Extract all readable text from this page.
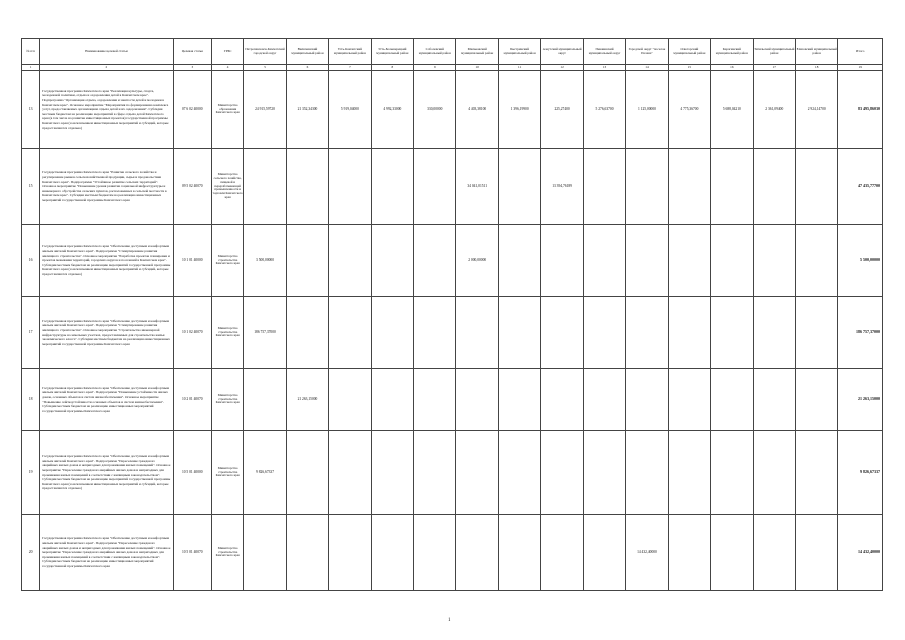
№ п/п	Наименование целевой статьи	Целевая статья	ГРБС	Петропавловск-Камчатский городской округ	Вилючинский муниципальный район	Усть-Камчатский муниципальный район	Усть-Большерецкий муниципальный район	Соболевский муниципальный район	Мильковский муниципальный район	Быстринский муниципальный район	Алеутский муниципальный округ	Пенжинский муниципальный округ	Городской округ "поселок Палана"	Олюторский муниципальный район	Карагинский муниципальный район	Тигильский муниципальный район	Елизовский муниципальный район	Итого
1	2	3	4	5	6	7	8	9	10	11	12	13	14	15	16	17	18	19
13	Государственная программа Камчатского края "Реализация культуры, спорта, молодежной политики, отдыха и оздоровления детей в Камчатском крае". Подпрограмма "Организация отдыха, оздоровления и занятости детей и молодежи в Камчатском крае". Основное мероприятие "Мероприятия по формированию комплекса услуг, предоставляемых организациям отдыха детей и их оздоровления". Субсидия местным бюджетам на реализацию мероприятий в сфере отдыха детей Камчатского края (в том числе на развитие инвестиционных проектов) государственной программы Камчатского края (за исключением инвестиционных мероприятий и субсидий, которые предоставляются отдельно)	07 6 02 40000	Министерство образования Камчатского края	24 915,59720	21 352,34300	5 919,04000	4 992,33000	330,00000	4 403,38100	1 396,19900	225,27400	5 276,63700	1 125,00000	4 775,36700	5 688,04210	2 361,09400	2 924,14700	83 495,86030
15	Государственная программа Камчатского края "Развитие сельского хозяйства и регулирование рынков сельскохозяйственной продукции, сырья и продовольствия Камчатского края". Подпрограмма "Устойчивое развитие сельских территорий". Основное мероприятие "Повышение уровня развития социальной инфраструктуры и инженерного обустройства сельских пунктов, расположенных в сельской местности в Камчатском крае". Субсидии местным бюджетам на реализацию инвестиционных мероприятий государственной программы Камчатского края	09 5 02 40070	Министерство сельского хозяйства, пищевой и перерабатывающей промышленности и торговли Камчатского края						34 041,01511		13 394,76189							47 435,77700
16	Государственная программа Камчатского края "Обеспечение доступным и комфортным жильем жителей Камчатского края". Подпрограмма "Стимулирование развития жилищного строительства". Основное мероприятие "Разработка проектов планировки и проектов межевания территорий, городских округов и поселений в Камчатском крае". Субсидии местным бюджетам на реализацию мероприятий государственной программы Камчатского края (за исключением инвестиционных мероприятий и субсидий, которые предоставляются отдельно)	10 1 01 40000	Министерство строительства Камчатского края	3 500,00000					2 000,00000									5 500,00000
17	Государственная программа Камчатского края "Обеспечение доступным и комфортным жильем жителей Камчатского края". Подпрограмма "Стимулирование развития жилищного строительства". Основное мероприятие "Строительство инженерной инфраструктуры на земельных участках, предоставляемых для строительства жилья экономического класса". Субсидии местным бюджетам на реализацию инвестиционных мероприятий государственной программы Камчатского края	10 1 02 40070	Министерство строительства Камчатского края	186 757,37000														186 757,37000
18	Государственная программа Камчатского края "Обеспечение доступным и комфортным жильем жителей Камчатского края". Подпрограмма "Повышение устойчивости жилых домов, основных объектов и систем жизнеобеспечения". Основное мероприятие "Повышение сейсмоустойчивости основных объектов и систем жизнеобеспечения". Субсидии местным бюджетам на реализацию инвестиционных мероприятий государственной программы Камчатского края	10 2 01 40070	Министерство строительства Камчатского края		21 263,15000													21 263,15000
19	Государственная программа Камчатского края "Обеспечение доступным и комфортным жильем жителей Камчатского края". Подпрограмма "Переселение граждан из аварийных жилых домов и непригодных для проживания жилых помещений". Основное мероприятие "Переселение граждан из аварийных жилых домов и непригодных для проживания жилых помещений в соответствии с жилищным законодательством". Субсидии местным бюджетам на реализацию мероприятий государственной программы Камчатского края (за исключением инвестиционных мероприятий и субсидий, которые предоставляются отдельно)	10 5 01 40000	Министерство строительства Камчатского края	9 826,67337														9 826,67337
20	Государственная программа Камчатского края "Обеспечение доступным и комфортным жильем жителей Камчатского края". Подпрограмма "Переселение граждан из аварийных жилых домов и непригодных для проживания жилых помещений". Основное мероприятие "Переселение граждан из аварийных жилых домов и непригодных для проживания жилых помещений в соответствии с жилищным законодательством". Субсидии местным бюджетам на реализацию инвестиционных мероприятий государственной программы Камчатского края	10 5 01 40070	Министерство строительства Камчатского края										14 432,40000					14 432,40000
1
